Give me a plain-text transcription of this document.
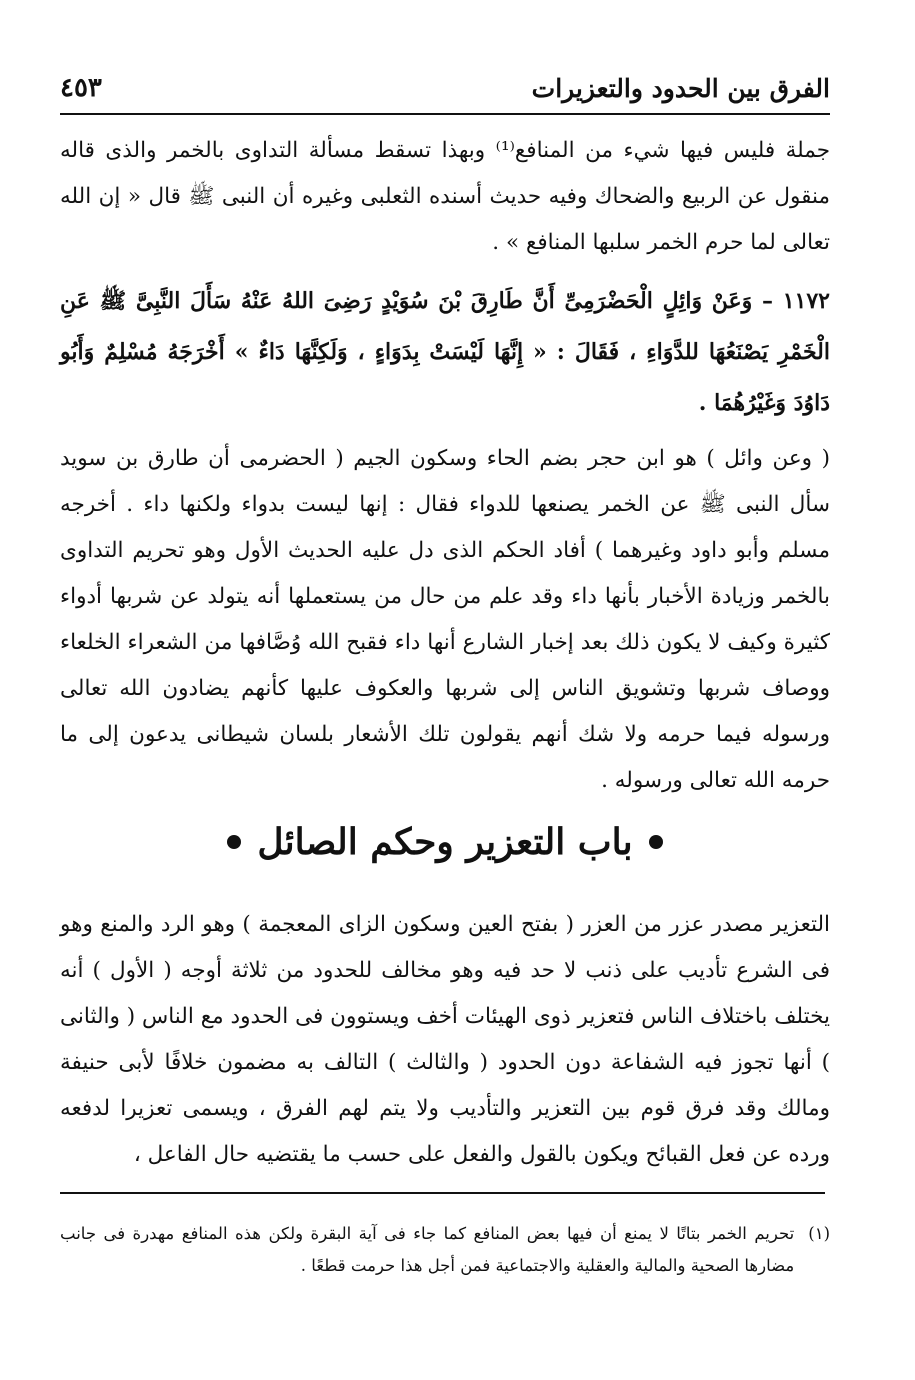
الفرق بين الحدود والتعزيرات
٤٥٣

جملة فليس فيها شيء من المنافع⁽¹⁾ وبهذا تسقط مسألة التداوى بالخمر والذى قاله منقول عن الربيع والضحاك وفيه حديث أسنده الثعلبى وغيره أن النبى ﷺ قال « إن الله تعالى لما حرم الخمر سلبها المنافع » .

١١٧٢ – وَعَنْ وَائِلٍ الْحَضْرَمِىِّ أَنَّ طَارِقَ بْنَ سُوَيْدٍ رَضِىَ اللهُ عَنْهُ سَأَلَ النَّبِىَّ ﷺ عَنِ الْخَمْرِ يَصْنَعُهَا للدَّوَاءِ ، فَقَالَ : « إِنَّهَا لَيْسَتْ بِدَوَاءٍ ، وَلَكِنَّهَا دَاءٌ » أَخْرَجَهُ مُسْلِمٌ وَأَبُو دَاوُدَ وَغَيْرُهُمَا .

( وعن وائل ) هو ابن حجر بضم الحاء وسكون الجيم ( الحضرمى أن طارق بن سويد سأل النبى ﷺ عن الخمر يصنعها للدواء فقال : إنها ليست بدواء ولكنها داء . أخرجه مسلم وأبو داود وغيرهما ) أفاد الحكم الذى دل عليه الحديث الأول وهو تحريم التداوى بالخمر وزيادة الأخبار بأنها داء وقد علم من حال من يستعملها أنه يتولد عن شربها أدواء كثيرة وكيف لا يكون ذلك بعد إخبار الشارع أنها داء فقبح الله وُصَّافها من الشعراء الخلعاء ووصاف شربها وتشويق الناس إلى شربها والعكوف عليها كأنهم يضادون الله تعالى ورسوله فيما حرمه ولا شك أنهم يقولون تلك الأشعار بلسان شيطانى يدعون إلى ما حرمه الله تعالى ورسوله .

باب التعزير وحكم الصائل

التعزير مصدر عزر من العزر ( بفتح العين وسكون الزاى المعجمة ) وهو الرد والمنع وهو فى الشرع تأديب على ذنب لا حد فيه وهو مخالف للحدود من ثلاثة أوجه ( الأول ) أنه يختلف باختلاف الناس فتعزير ذوى الهيئات أخف ويستوون فى الحدود مع الناس ( والثانى ) أنها تجوز فيه الشفاعة دون الحدود ( والثالث ) التالف به مضمون خلافًا لأبى حنيفة ومالك وقد فرق قوم بين التعزير والتأديب ولا يتم لهم الفرق ، ويسمى تعزيرا لدفعه ورده عن فعل القبائح ويكون بالقول والفعل على حسب ما يقتضيه حال الفاعل ،

(١)
تحريم الخمر بتاتًا لا يمنع أن فيها بعض المنافع كما جاء فى آية البقرة ولكن هذه المنافع مهدرة فى جانب مضارها الصحية والمالية والعقلية والاجتماعية فمن أجل هذا حرمت قطعًا .
